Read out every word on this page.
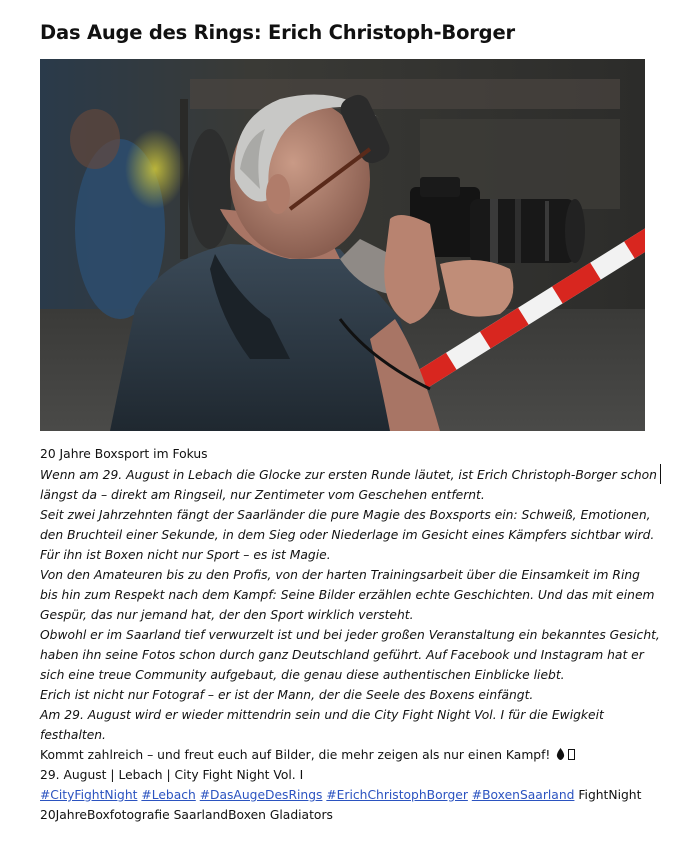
Das Auge des Rings: Erich Christoph-Borger
20 Jahre Boxsport im Fokus
Wenn am 29. August in Lebach die Glocke zur ersten Runde läutet, ist Erich Christoph-Borger schon
längst da – direkt am Ringseil, nur Zentimeter vom Geschehen entfernt.
Seit zwei Jahrzehnten fängt der Saarländer die pure Magie des Boxsports ein: Schweiß, Emotionen,
den Bruchteil einer Sekunde, in dem Sieg oder Niederlage im Gesicht eines Kämpfers sichtbar wird.
Für ihn ist Boxen nicht nur Sport – es ist Magie.
Von den Amateuren bis zu den Profis, von der harten Trainingsarbeit über die Einsamkeit im Ring
bis hin zum Respekt nach dem Kampf: Seine Bilder erzählen echte Geschichten. Und das mit einem
Gespür, das nur jemand hat, der den Sport wirklich versteht.
Obwohl er im Saarland tief verwurzelt ist und bei jeder großen Veranstaltung ein bekanntes Gesicht,
haben ihn seine Fotos schon durch ganz Deutschland geführt. Auf Facebook und Instagram hat er
sich eine treue Community aufgebaut, die genau diese authentischen Einblicke liebt.
Erich ist nicht nur Fotograf – er ist der Mann, der die Seele des Boxens einfängt.
Am 29. August wird er wieder mittendrin sein und die City Fight Night Vol. I für die Ewigkeit
festhalten.
Kommt zahlreich – und freut euch auf Bilder, die mehr zeigen als nur einen Kampf!
29. August | Lebach | City Fight Night Vol. I
#CityFightNight #Lebach #DasAugeDesRings #ErichChristophBorger #BoxenSaarland FightNight
20JahreBoxfotografie SaarlandBoxen Gladiators
